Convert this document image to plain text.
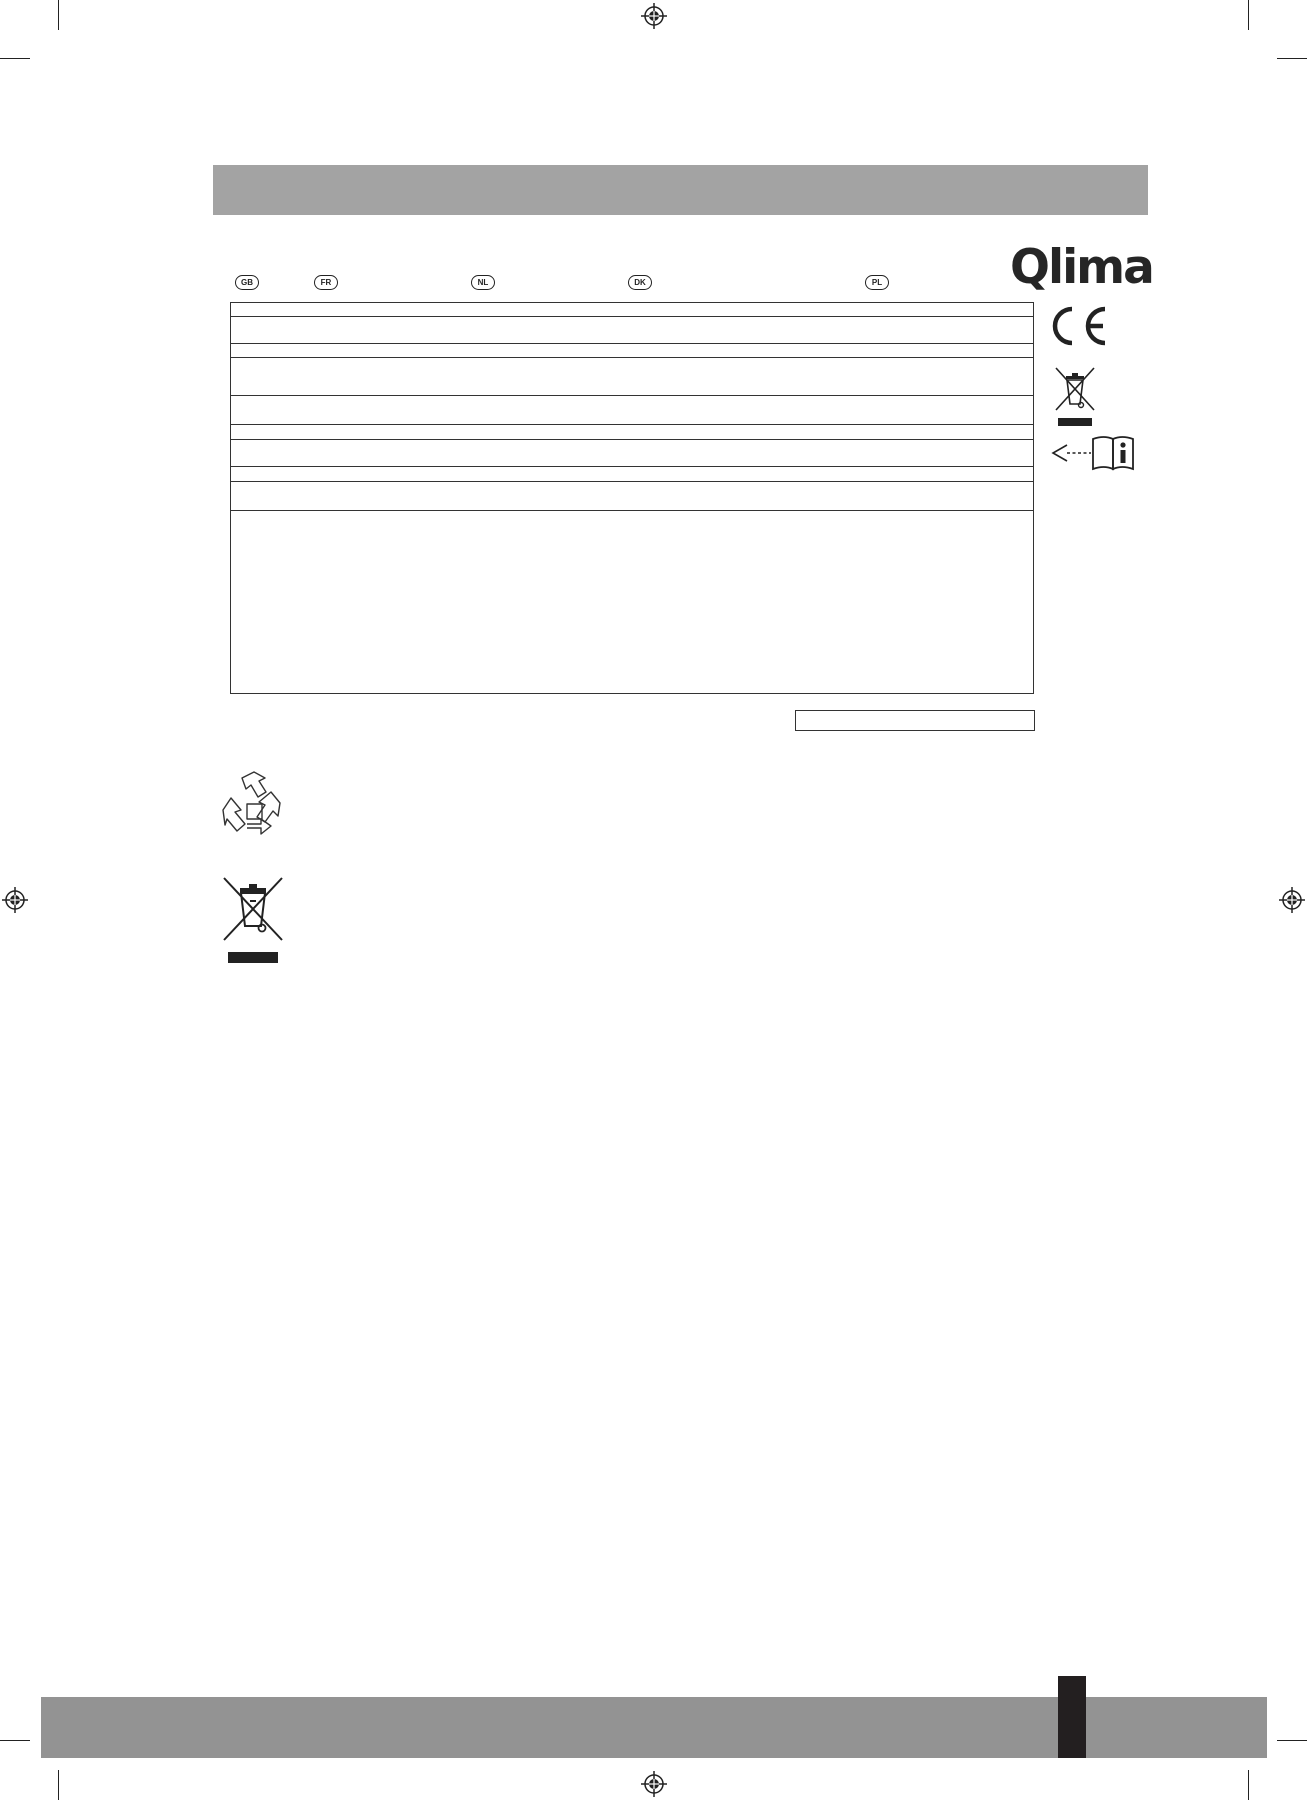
GB	FR	NL	DK	PL	Qlima
